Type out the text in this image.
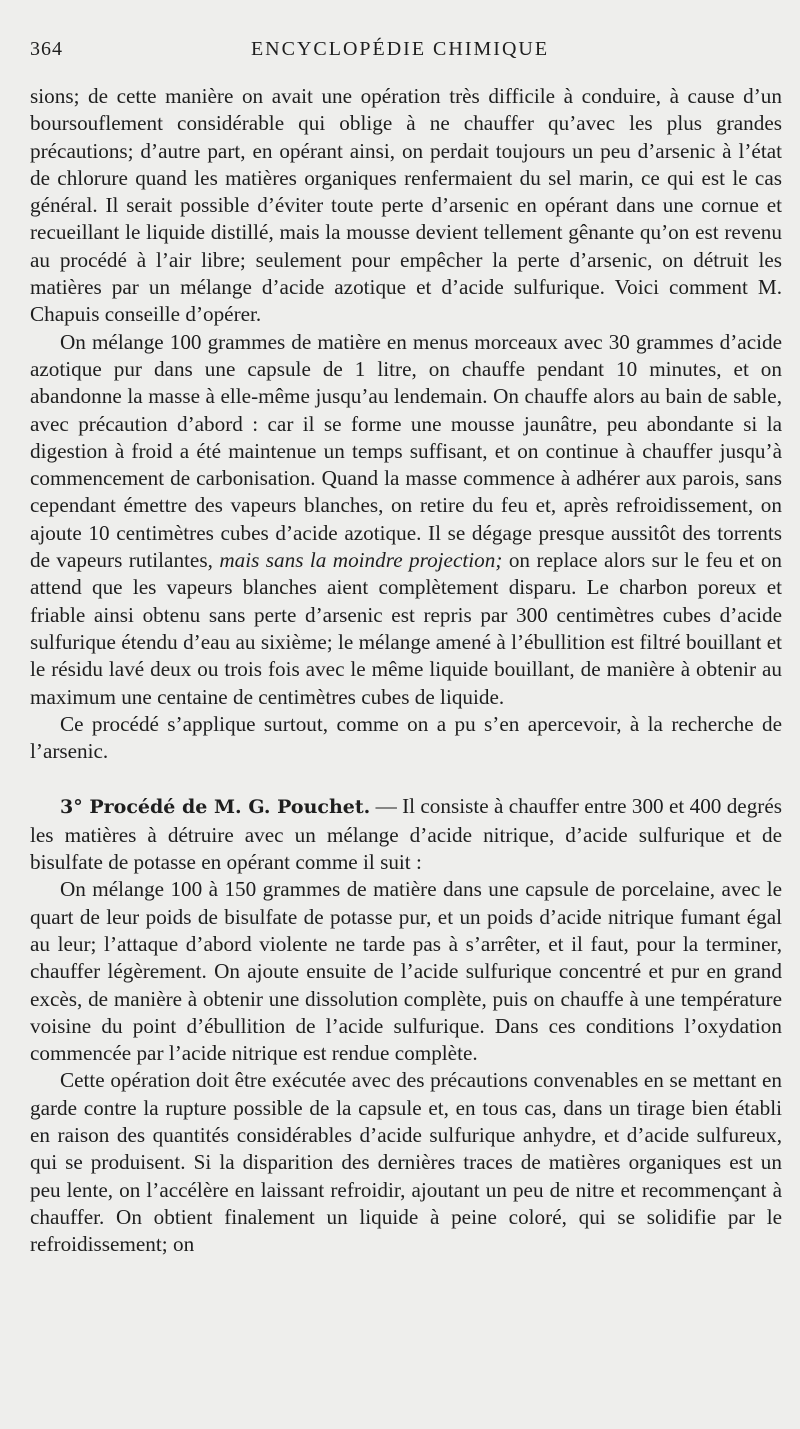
364	ENCYCLOPÉDIE CHIMIQUE

sions; de cette manière on avait une opération très difficile à conduire, à cause d’un boursouflement considérable qui oblige à ne chauffer qu’avec les plus grandes précautions; d’autre part, en opérant ainsi, on perdait toujours un peu d’arsenic à l’état de chlorure quand les matières organiques renfermaient du sel marin, ce qui est le cas général. Il serait possible d’éviter toute perte d’arsenic en opérant dans une cornue et recueillant le liquide distillé, mais la mousse devient tellement gênante qu’on est revenu au procédé à l’air libre; seulement pour empêcher la perte d’arsenic, on détruit les matières par un mélange d’acide azotique et d’acide sulfurique. Voici comment M. Chapuis conseille d’opérer.

On mélange 100 grammes de matière en menus morceaux avec 30 grammes d’acide azotique pur dans une capsule de 1 litre, on chauffe pendant 10 minutes, et on abandonne la masse à elle-même jusqu’au lendemain. On chauffe alors au bain de sable, avec précaution d’abord : car il se forme une mousse jaunâtre, peu abondante si la digestion à froid a été maintenue un temps suffisant, et on continue à chauffer jusqu’à commencement de carbonisation. Quand la masse commence à adhérer aux parois, sans cependant émettre des vapeurs blanches, on retire du feu et, après refroidissement, on ajoute 10 centimètres cubes d’acide azotique. Il se dégage presque aussitôt des torrents de vapeurs rutilantes, mais sans la moindre projection; on replace alors sur le feu et on attend que les vapeurs blanches aient complètement disparu. Le charbon poreux et friable ainsi obtenu sans perte d’arsenic est repris par 300 centimètres cubes d’acide sulfurique étendu d’eau au sixième; le mélange amené à l’ébullition est filtré bouillant et le résidu lavé deux ou trois fois avec le même liquide bouillant, de manière à obtenir au maximum une centaine de centimètres cubes de liquide.

Ce procédé s’applique surtout, comme on a pu s’en apercevoir, à la recherche de l’arsenic.

3° Procédé de M. G. Pouchet. — Il consiste à chauffer entre 300 et 400 degrés les matières à détruire avec un mélange d’acide nitrique, d’acide sulfurique et de bisulfate de potasse en opérant comme il suit :

On mélange 100 à 150 grammes de matière dans une capsule de porcelaine, avec le quart de leur poids de bisulfate de potasse pur, et un poids d’acide nitrique fumant égal au leur; l’attaque d’abord violente ne tarde pas à s’arrêter, et il faut, pour la terminer, chauffer légèrement. On ajoute ensuite de l’acide sulfurique concentré et pur en grand excès, de manière à obtenir une dissolution complète, puis on chauffe à une température voisine du point d’ébullition de l’acide sulfurique. Dans ces conditions l’oxydation commencée par l’acide nitrique est rendue complète.

Cette opération doit être exécutée avec des précautions convenables en se mettant en garde contre la rupture possible de la capsule et, en tous cas, dans un tirage bien établi en raison des quantités considérables d’acide sulfurique anhydre, et d’acide sulfureux, qui se produisent. Si la disparition des dernières traces de matières organiques est un peu lente, on l’accélère en laissant refroidir, ajoutant un peu de nitre et recommençant à chauffer. On obtient finalement un liquide à peine coloré, qui se solidifie par le refroidissement; on
